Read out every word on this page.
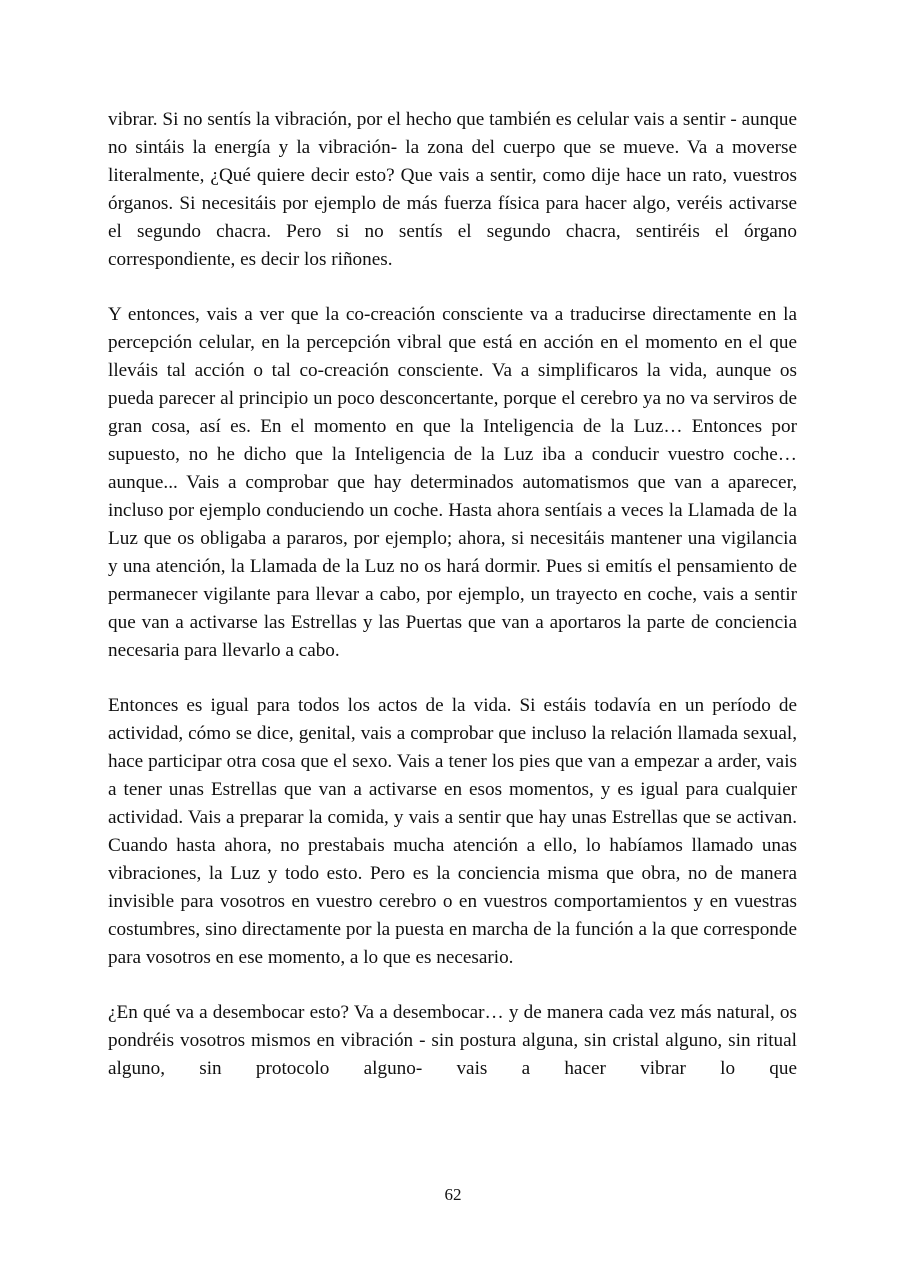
vibrar. Si no sentís la vibración, por el hecho que también es celular vais a sentir - aunque no sintáis la energía y la vibración- la zona del cuerpo que se mueve. Va a moverse literalmente, ¿Qué quiere decir esto? Que vais a sentir, como dije hace un rato, vuestros órganos. Si necesitáis por ejemplo de más fuerza física para hacer algo, veréis activarse el segundo chacra. Pero si no sentís el segundo chacra, sentiréis el órgano correspondiente, es decir los riñones.

Y entonces, vais a ver que la co-creación consciente va a traducirse directamente en la percepción celular, en la percepción vibral que está en acción en el momento en el que lleváis tal acción o tal co-creación consciente. Va a simplificaros la vida, aunque os pueda parecer al principio un poco desconcertante, porque el cerebro ya no va serviros de gran cosa, así es. En el momento en que la Inteligencia de la Luz… Entonces por supuesto, no he dicho que la Inteligencia de la Luz iba a conducir vuestro coche… aunque... Vais a comprobar que hay determinados automatismos que van a aparecer, incluso por ejemplo conduciendo un coche. Hasta ahora sentíais a veces la Llamada de la Luz que os obligaba a pararos, por ejemplo; ahora, si necesitáis mantener una vigilancia y una atención, la Llamada de la Luz no os hará dormir. Pues si emitís el pensamiento de permanecer vigilante para llevar a cabo, por ejemplo, un trayecto en coche, vais a sentir que van a activarse las Estrellas y las Puertas que van a aportaros la parte de conciencia necesaria para llevarlo a cabo.

Entonces es igual para todos los actos de la vida. Si estáis todavía en un período de actividad, cómo se dice, genital, vais a comprobar que incluso la relación llamada sexual, hace participar otra cosa que el sexo. Vais a tener los pies que van a empezar a arder, vais a tener unas Estrellas que van a activarse en esos momentos, y es igual para cualquier actividad. Vais a preparar la comida, y vais a sentir que hay unas Estrellas que se activan. Cuando hasta ahora, no prestabais mucha atención a ello, lo habíamos llamado unas vibraciones, la Luz y todo esto. Pero es la conciencia misma que obra, no de manera invisible para vosotros en vuestro cerebro o en vuestros comportamientos y en vuestras costumbres, sino directamente por la puesta en marcha de la función a la que corresponde para vosotros en ese momento, a lo que es necesario.

¿En qué va a desembocar esto? Va a desembocar… y de manera cada vez más natural, os pondréis vosotros mismos en vibración - sin postura alguna, sin cristal alguno, sin ritual alguno, sin protocolo alguno- vais a hacer vibrar lo que

62
